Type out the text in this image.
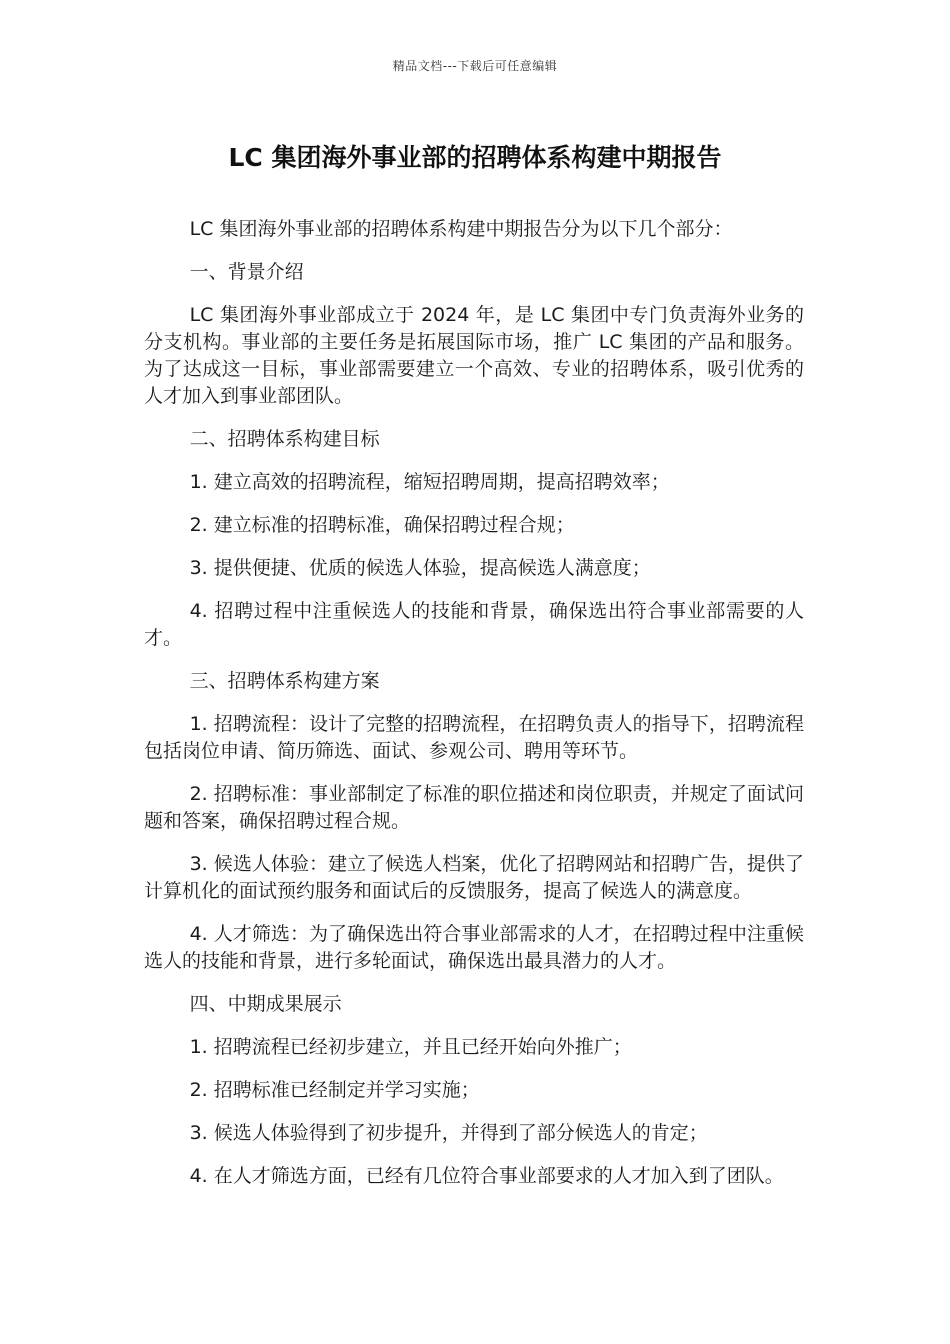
精品文档---下载后可任意编辑
LC 集团海外事业部的招聘体系构建中期报告

LC 集团海外事业部的招聘体系构建中期报告分为以下几个部分：

一、背景介绍

LC 集团海外事业部成立于 2024 年，是 LC 集团中专门负责海外业务的分支机构。事业部的主要任务是拓展国际市场，推广 LC 集团的产品和服务。为了达成这一目标，事业部需要建立一个高效、专业的招聘体系，吸引优秀的人才加入到事业部团队。

二、招聘体系构建目标

1. 建立高效的招聘流程，缩短招聘周期，提高招聘效率；

2. 建立标准的招聘标准，确保招聘过程合规；

3. 提供便捷、优质的候选人体验，提高候选人满意度；

4. 招聘过程中注重候选人的技能和背景，确保选出符合事业部需要的人才。

三、招聘体系构建方案

1. 招聘流程：设计了完整的招聘流程，在招聘负责人的指导下，招聘流程包括岗位申请、简历筛选、面试、参观公司、聘用等环节。

2. 招聘标准：事业部制定了标准的职位描述和岗位职责，并规定了面试问题和答案，确保招聘过程合规。

3. 候选人体验：建立了候选人档案，优化了招聘网站和招聘广告，提供了计算机化的面试预约服务和面试后的反馈服务，提高了候选人的满意度。

4. 人才筛选：为了确保选出符合事业部需求的人才，在招聘过程中注重候选人的技能和背景，进行多轮面试，确保选出最具潜力的人才。

四、中期成果展示

1. 招聘流程已经初步建立，并且已经开始向外推广；

2. 招聘标准已经制定并学习实施；

3. 候选人体验得到了初步提升，并得到了部分候选人的肯定；

4. 在人才筛选方面，已经有几位符合事业部要求的人才加入到了团队。
